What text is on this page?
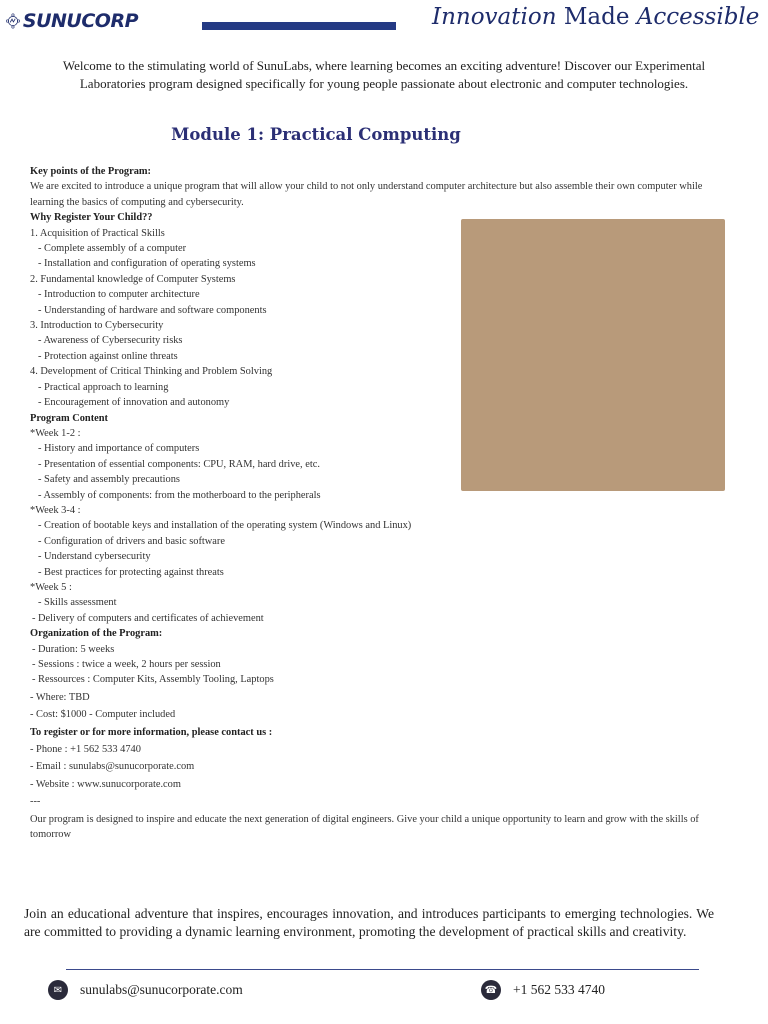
SUNUCORP	Innovation Made Accessible
Welcome to the stimulating world of SunuLabs, where learning becomes an exciting adventure! Discover our Experimental Laboratories program designed specifically for young people passionate about electronic and computer technologies.
Module 1: Practical Computing
Key points of the Program:
We are excited to introduce a unique program that will allow your child to not only understand computer architecture but also assemble their own computer while learning the basics of computing and cybersecurity.
Why Register Your Child??
1. Acquisition of Practical Skills
- Complete assembly of a computer
- Installation and configuration of operating systems
2. Fundamental knowledge of Computer Systems
- Introduction to computer architecture
- Understanding of hardware and software components
3. Introduction to Cybersecurity
- Awareness of Cybersecurity risks
- Protection against online threats
4. Development of Critical Thinking and Problem Solving
- Practical approach to learning
- Encouragement of innovation and autonomy
Program Content
*Week 1-2 :
- History and importance of computers
- Presentation of essential components: CPU, RAM, hard drive, etc.
- Safety and assembly precautions
- Assembly of components: from the motherboard to the peripherals
*Week 3-4 :
- Creation of bootable keys and installation of the operating system (Windows and Linux)
- Configuration of drivers and basic software
- Understand cybersecurity
- Best practices for protecting against threats
*Week 5 :
- Skills assessment
- Delivery of computers and certificates of achievement
Organization of the Program:
- Duration: 5 weeks
- Sessions : twice a week, 2 hours per session
- Ressources : Computer Kits, Assembly Tooling, Laptops
- Where: TBD
- Cost: $1000 - Computer included
To register or for more information, please contact us :
- Phone : +1 562 533 4740
- Email : sunulabs@sunucorporate.com
- Website : www.sunucorporate.com
---
Our program is designed to inspire and educate the next generation of digital engineers. Give your child a unique opportunity to learn and grow with the skills of tomorrow
Join an educational adventure that inspires, encourages innovation, and introduces participants to emerging technologies. We are committed to providing a dynamic learning environment, promoting the development of practical skills and creativity.
✉	sunulabs@sunucorporate.com	☎ +1 562 533 4740
